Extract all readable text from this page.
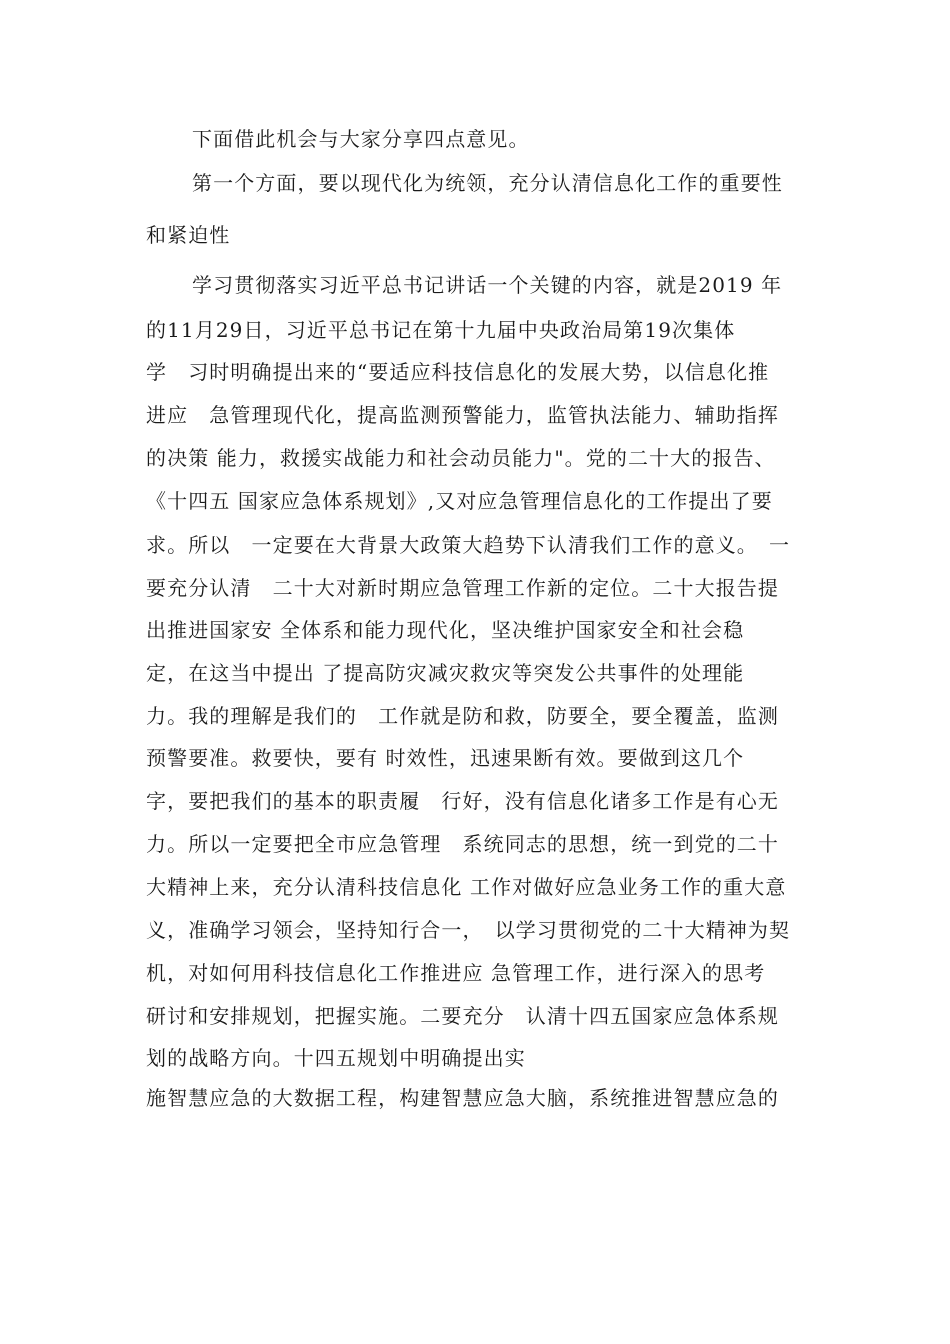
下面借此机会与大家分享四点意见。
第一个方面，要以现代化为统领，充分认清信息化工作的重要性
和紧迫性
学习贯彻落实习近平总书记讲话一个关键的内容，就是2019 年
的11月29日，习近平总书记在第十九届中央政治局第19次集体
学　习时明确提出来的“要适应科技信息化的发展大势，以信息化推
进应　急管理现代化，提高监测预警能力，监管执法能力、辅助指挥
的决策 能力，救援实战能力和社会动员能力"。党的二十大的报告、
《十四五 国家应急体系规划》,又对应急管理信息化的工作提出了要
求。所以　一定要在大背景大政策大趋势下认清我们工作的意义。　一
要充分认清　二十大对新时期应急管理工作新的定位。二十大报告提
出推进国家安 全体系和能力现代化，坚决维护国家安全和社会稳
定，在这当中提出 了提高防灾减灾救灾等突发公共事件的处理能
力。我的理解是我们的　工作就是防和救，防要全，要全覆盖，监测
预警要准。救要快，要有 时效性，迅速果断有效。要做到这几个
字，要把我们的基本的职责履　行好，没有信息化诸多工作是有心无
力。所以一定要把全市应急管理　系统同志的思想，统一到党的二十
大精神上来，充分认清科技信息化 工作对做好应急业务工作的重大意
义，准确学习领会，坚持知行合一，　以学习贯彻党的二十大精神为契
机，对如何用科技信息化工作推进应 急管理工作，进行深入的思考
研讨和安排规划，把握实施。二要充分　认清十四五国家应急体系规
划的战略方向。十四五规划中明确提出实
施智慧应急的大数据工程，构建智慧应急大脑，系统推进智慧应急的
